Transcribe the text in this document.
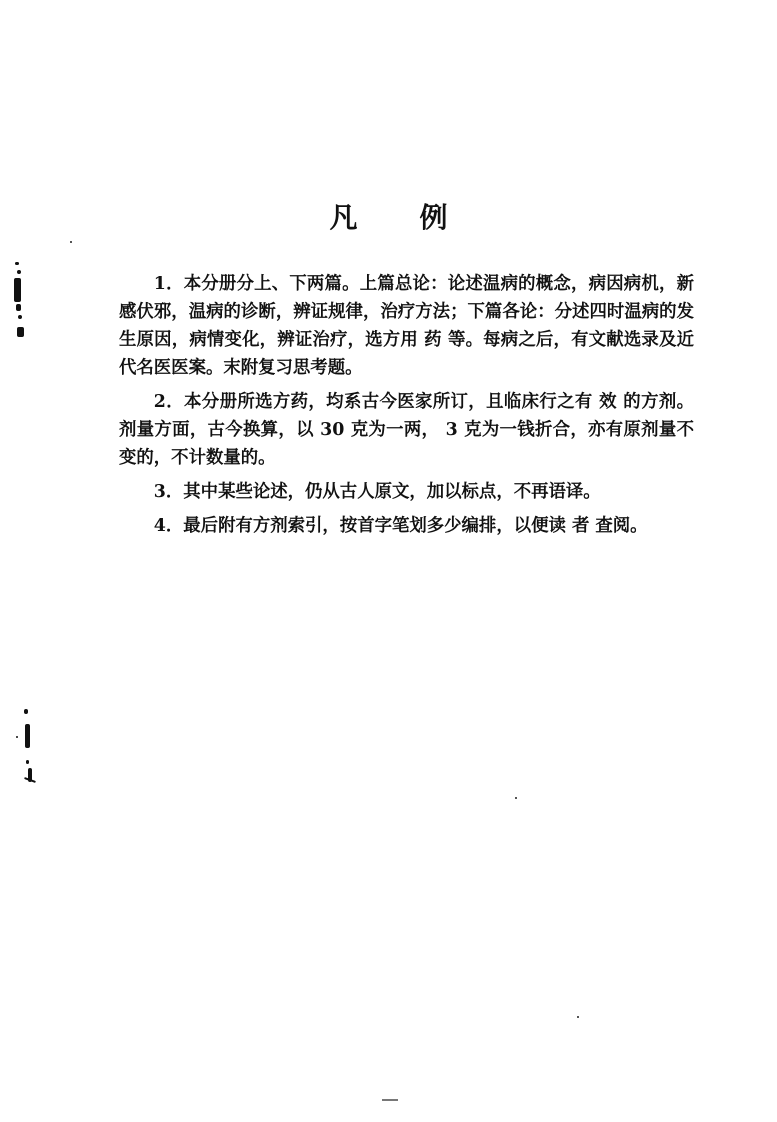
凡 例

1．本分册分上、下两篇。上篇总论：论述温病的概念，病因病机，新感伏邪，温病的诊断，辨证规律，治疗方法；下篇各论：分述四时温病的发生原因，病情变化，辨证治疗，选方用 药 等。每病之后，有文献选录及近代名医医案。末附复习思考题。

2．本分册所选方药，均系古今医家所订，且临床行之有 效 的方剂。剂量方面，古今换算，以 30 克为一两， 3 克为一钱折合，亦有原剂量不变的，不计数量的。

3．其中某些论述，仍从古人原文，加以标点，不再语译。

4．最后附有方剂索引，按首字笔划多少编排，以便读 者 查阅。
